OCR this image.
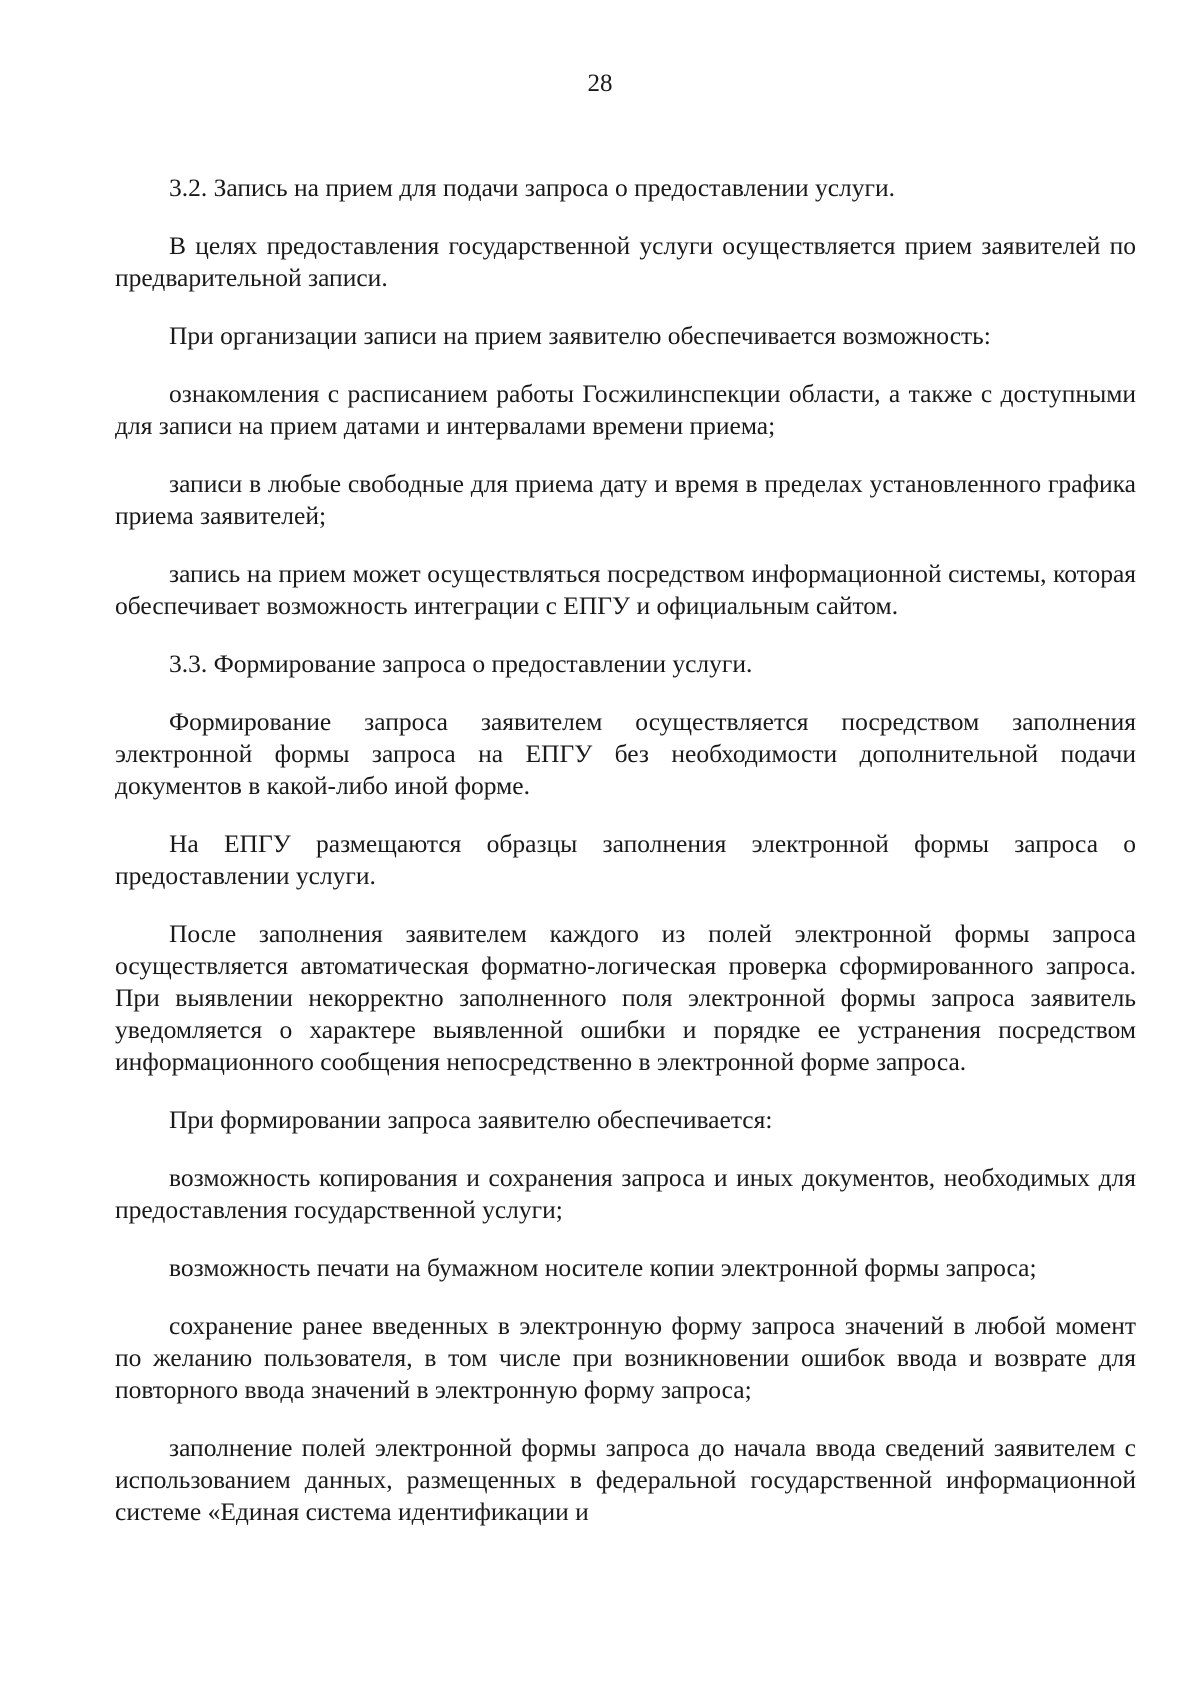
28

3.2. Запись на прием для подачи запроса о предоставлении услуги.

В целях предоставления государственной услуги осуществляется прием заявителей по предварительной записи.

При организации записи на прием заявителю обеспечивается возможность:

ознакомления с расписанием работы Госжилинспекции области, а также с доступными для записи на прием датами и интервалами времени приема;

записи в любые свободные для приема дату и время в пределах установленного графика приема заявителей;

запись на прием может осуществляться посредством информационной системы, которая обеспечивает возможность интеграции с ЕПГУ и официальным сайтом.

3.3. Формирование запроса о предоставлении услуги.

Формирование запроса заявителем осуществляется посредством заполнения электронной формы запроса на ЕПГУ без необходимости дополнительной подачи документов в какой-либо иной форме.

На ЕПГУ размещаются образцы заполнения электронной формы запроса о предоставлении услуги.

После заполнения заявителем каждого из полей электронной формы запроса осуществляется автоматическая форматно-логическая проверка сформированного запроса. При выявлении некорректно заполненного поля электронной формы запроса заявитель уведомляется о характере выявленной ошибки и порядке ее устранения посредством информационного сообщения непосредственно в электронной форме запроса.

При формировании запроса заявителю обеспечивается:

возможность копирования и сохранения запроса и иных документов, необходимых для предоставления государственной услуги;

возможность печати на бумажном носителе копии электронной формы запроса;

сохранение ранее введенных в электронную форму запроса значений в любой момент по желанию пользователя, в том числе при возникновении ошибок ввода и возврате для повторного ввода значений в электронную форму запроса;

заполнение полей электронной формы запроса до начала ввода сведений заявителем с использованием данных, размещенных в федеральной государственной информационной системе «Единая система идентификации и
